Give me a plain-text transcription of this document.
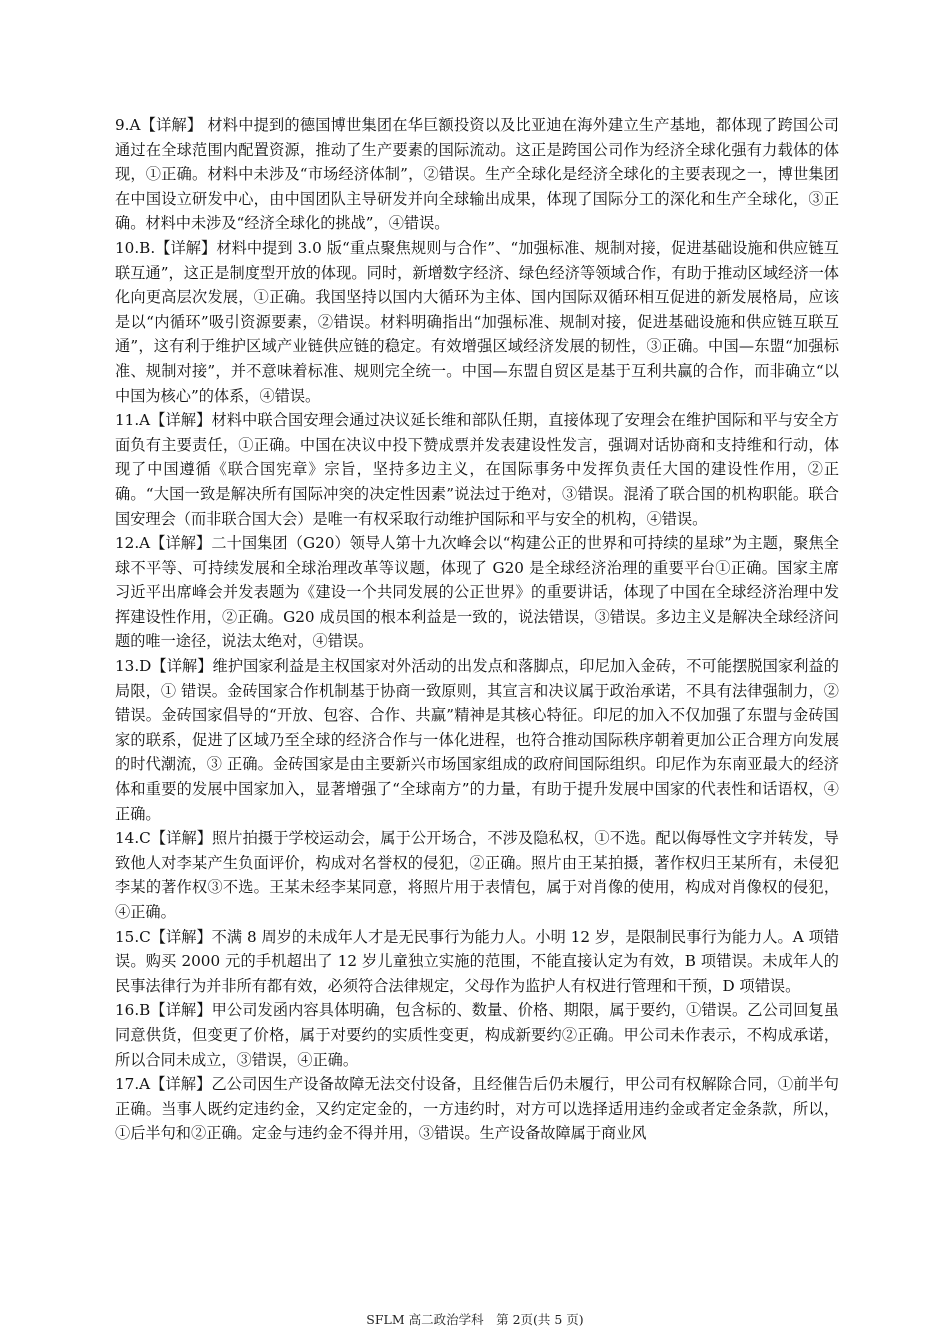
9.A【详解】 材料中提到的德国博世集团在华巨额投资以及比亚迪在海外建立生产基地，都体现了跨国公司通过在全球范围内配置资源，推动了生产要素的国际流动。这正是跨国公司作为经济全球化强有力载体的体现，①正确。材料中未涉及“市场经济体制”，②错误。生产全球化是经济全球化的主要表现之一，博世集团在中国设立研发中心，由中国团队主导研发并向全球输出成果，体现了国际分工的深化和生产全球化，③正确。材料中未涉及“经济全球化的挑战”，④错误。

10.B.【详解】材料中提到 3.0 版“重点聚焦规则与合作”、“加强标准、规制对接，促进基础设施和供应链互联互通”，这正是制度型开放的体现。同时，新增数字经济、绿色经济等领域合作，有助于推动区域经济一体化向更高层次发展，①正确。我国坚持以国内大循环为主体、国内国际双循环相互促进的新发展格局，应该是以“内循环”吸引资源要素，②错误。材料明确指出“加强标准、规制对接，促进基础设施和供应链互联互通”，这有利于维护区域产业链供应链的稳定。有效增强区域经济发展的韧性，③正确。中国—东盟“加强标准、规制对接”，并不意味着标准、规则完全统一。中国—东盟自贸区是基于互利共赢的合作，而非确立“以中国为核心”的体系，④错误。

11.A【详解】材料中联合国安理会通过决议延长维和部队任期，直接体现了安理会在维护国际和平与安全方面负有主要责任，①正确。中国在决议中投下赞成票并发表建设性发言，强调对话协商和支持维和行动，体现了中国遵循《联合国宪章》宗旨，坚持多边主义，在国际事务中发挥负责任大国的建设性作用，②正确。“大国一致是解决所有国际冲突的决定性因素”说法过于绝对，③错误。混淆了联合国的机构职能。联合国安理会（而非联合国大会）是唯一有权采取行动维护国际和平与安全的机构，④错误。

12.A【详解】二十国集团（G20）领导人第十九次峰会以“构建公正的世界和可持续的星球”为主题，聚焦全球不平等、可持续发展和全球治理改革等议题，体现了 G20 是全球经济治理的重要平台①正确。国家主席习近平出席峰会并发表题为《建设一个共同发展的公正世界》的重要讲话，体现了中国在全球经济治理中发挥建设性作用，②正确。G20 成员国的根本利益是一致的，说法错误，③错误。多边主义是解决全球经济问题的唯一途径，说法太绝对，④错误。

13.D【详解】维护国家利益是主权国家对外活动的出发点和落脚点，印尼加入金砖，不可能摆脱国家利益的局限，① 错误。金砖国家合作机制基于协商一致原则，其宣言和决议属于政治承诺，不具有法律强制力，② 错误。金砖国家倡导的“开放、包容、合作、共赢”精神是其核心特征。印尼的加入不仅加强了东盟与金砖国家的联系，促进了区域乃至全球的经济合作与一体化进程，也符合推动国际秩序朝着更加公正合理方向发展的时代潮流，③ 正确。金砖国家是由主要新兴市场国家组成的政府间国际组织。印尼作为东南亚最大的经济体和重要的发展中国家加入，显著增强了“全球南方”的力量，有助于提升发展中国家的代表性和话语权，④ 正确。

14.C【详解】照片拍摄于学校运动会，属于公开场合，不涉及隐私权，①不选。配以侮辱性文字并转发，导致他人对李某产生负面评价，构成对名誉权的侵犯，②正确。照片由王某拍摄，著作权归王某所有，未侵犯李某的著作权③不选。王某未经李某同意，将照片用于表情包，属于对肖像的使用，构成对肖像权的侵犯，④正确。

15.C【详解】不满 8 周岁的未成年人才是无民事行为能力人。小明 12 岁，是限制民事行为能力人。A 项错误。购买 2000 元的手机超出了 12 岁儿童独立实施的范围，不能直接认定为有效，B 项错误。未成年人的民事法律行为并非所有都有效，必须符合法律规定，父母作为监护人有权进行管理和干预，D 项错误。

16.B【详解】甲公司发函内容具体明确，包含标的、数量、价格、期限，属于要约，①错误。乙公司回复虽同意供货，但变更了价格，属于对要约的实质性变更，构成新要约②正确。甲公司未作表示，不构成承诺，所以合同未成立，③错误，④正确。

17.A【详解】乙公司因生产设备故障无法交付设备，且经催告后仍未履行，甲公司有权解除合同，①前半句正确。当事人既约定违约金，又约定定金的，一方违约时，对方可以选择适用违约金或者定金条款，所以，①后半句和②正确。定金与违约金不得并用，③错误。生产设备故障属于商业风

SFLM 高二政治学科　第 2页(共 5 页)
